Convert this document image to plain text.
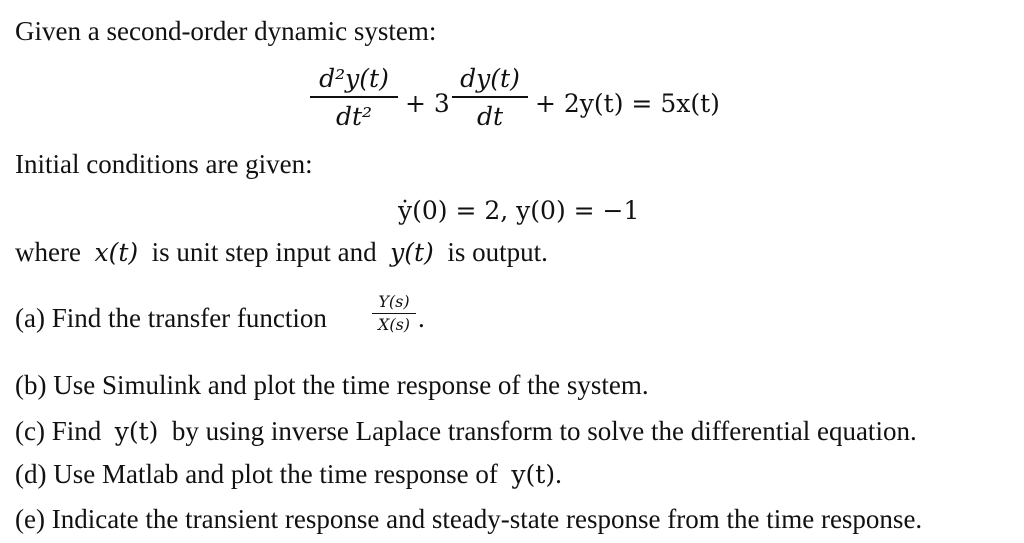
Given a second-order dynamic system:
d²y(t)
dt²	+ 3
dy(t)
dt	+ 2y(t) = 5x(t)
Initial conditions are given:
ẏ(0) = 2, y(0) = −1
where x(t) is unit step input and y(t) is output.
(a) Find the transfer function
Y(s)
X(s) .
(b) Use Simulink and plot the time response of the system.
(c) Find y(t) by using inverse Laplace transform to solve the differential equation.
(d) Use Matlab and plot the time response of y(t).
(e) Indicate the transient response and steady-state response from the time response.
